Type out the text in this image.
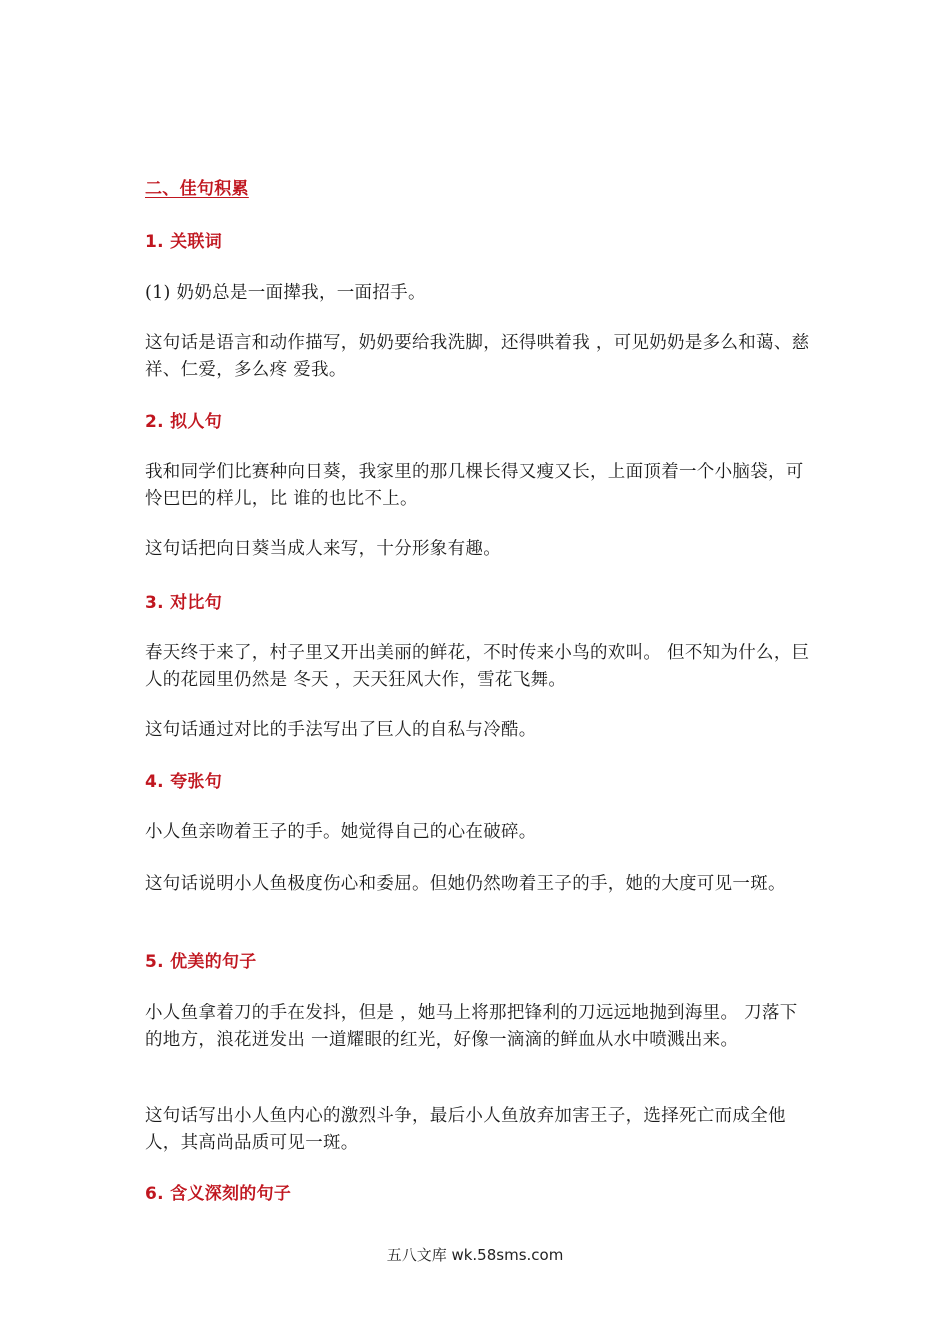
二、佳句积累
1. 关联词

(1) 奶奶总是一面撵我，一面招手。

这句话是语言和动作描写，奶奶要给我洗脚，还得哄着我 ，可见奶奶是多么和蔼、慈祥、仁爱，多么疼 爱我。

2. 拟人句

我和同学们比赛种向日葵，我家里的那几棵长得又瘦又长，上面顶着一个小脑袋，可怜巴巴的样儿，比 谁的也比不上。

这句话把向日葵当成人来写，十分形象有趣。

3. 对比句

春天终于来了，村子里又开出美丽的鲜花，不时传来小鸟的欢叫。 但不知为什么，巨人的花园里仍然是 冬天 ，天天狂风大作，雪花飞舞。

这句话通过对比的手法写出了巨人的自私与冷酷。

4. 夸张句

小人鱼亲吻着王子的手。她觉得自己的心在破碎。

这句话说明小人鱼极度伤心和委屈。但她仍然吻着王子的手，她的大度可见一斑。

5. 优美的句子

小人鱼拿着刀的手在发抖，但是 ，她马上将那把锋利的刀远远地抛到海里。 刀落下的地方，浪花迸发出 一道耀眼的红光，好像一滴滴的鲜血从水中喷溅出来。

这句话写出小人鱼内心的激烈斗争，最后小人鱼放弃加害王子，选择死亡而成全他人，其高尚品质可见一斑。

6. 含义深刻的句子
五八文库 wk.58sms.com
